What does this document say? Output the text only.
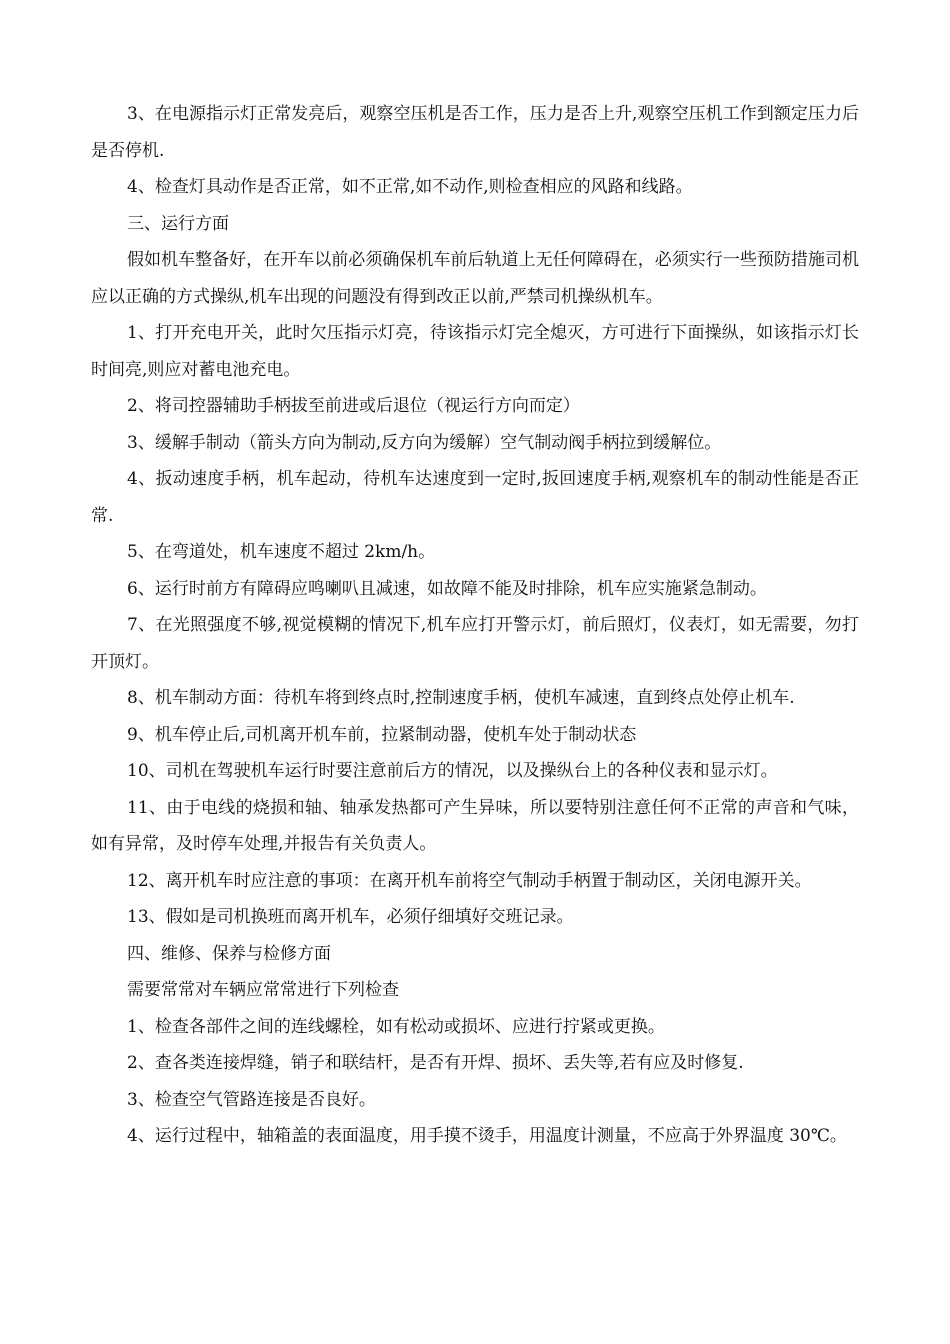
3、在电源指示灯正常发亮后，观察空压机是否工作，压力是否上升,观察空压机工作到额定压力后是否停机.

4、检查灯具动作是否正常，如不正常,如不动作,则检查相应的风路和线路。

三、运行方面

假如机车整备好，在开车以前必须确保机车前后轨道上无任何障碍在，必须实行一些预防措施司机应以正确的方式操纵,机车出现的问题没有得到改正以前,严禁司机操纵机车。

1、打开充电开关，此时欠压指示灯亮，待该指示灯完全熄灭，方可进行下面操纵，如该指示灯长时间亮,则应对蓄电池充电。

2、将司控器辅助手柄拔至前进或后退位（视运行方向而定）

3、缓解手制动（箭头方向为制动,反方向为缓解）空气制动阀手柄拉到缓解位。

4、扳动速度手柄，机车起动，待机车达速度到一定时,扳回速度手柄,观察机车的制动性能是否正常.

5、在弯道处，机车速度不超过 2km/h。

6、运行时前方有障碍应鸣喇叭且减速，如故障不能及时排除，机车应实施紧急制动。

7、在光照强度不够,视觉模糊的情况下,机车应打开警示灯，前后照灯，仪表灯，如无需要，勿打开顶灯。

8、机车制动方面：待机车将到终点时,控制速度手柄，使机车减速，直到终点处停止机车.

9、机车停止后,司机离开机车前，拉紧制动器，使机车处于制动状态

10、司机在驾驶机车运行时要注意前后方的情况，以及操纵台上的各种仪表和显示灯。

11、由于电线的烧损和轴、轴承发热都可产生异味，所以要特别注意任何不正常的声音和气味，如有异常，及时停车处理,并报告有关负责人。

12、离开机车时应注意的事项：在离开机车前将空气制动手柄置于制动区，关闭电源开关。

13、假如是司机换班而离开机车，必须仔细填好交班记录。

四、维修、保养与检修方面

需要常常对车辆应常常进行下列检查

1、检查各部件之间的连线螺栓，如有松动或损坏、应进行拧紧或更换。

2、查各类连接焊缝，销子和联结杆，是否有开焊、损坏、丢失等,若有应及时修复.

3、检查空气管路连接是否良好。

4、运行过程中，轴箱盖的表面温度，用手摸不烫手，用温度计测量，不应高于外界温度 30℃。
